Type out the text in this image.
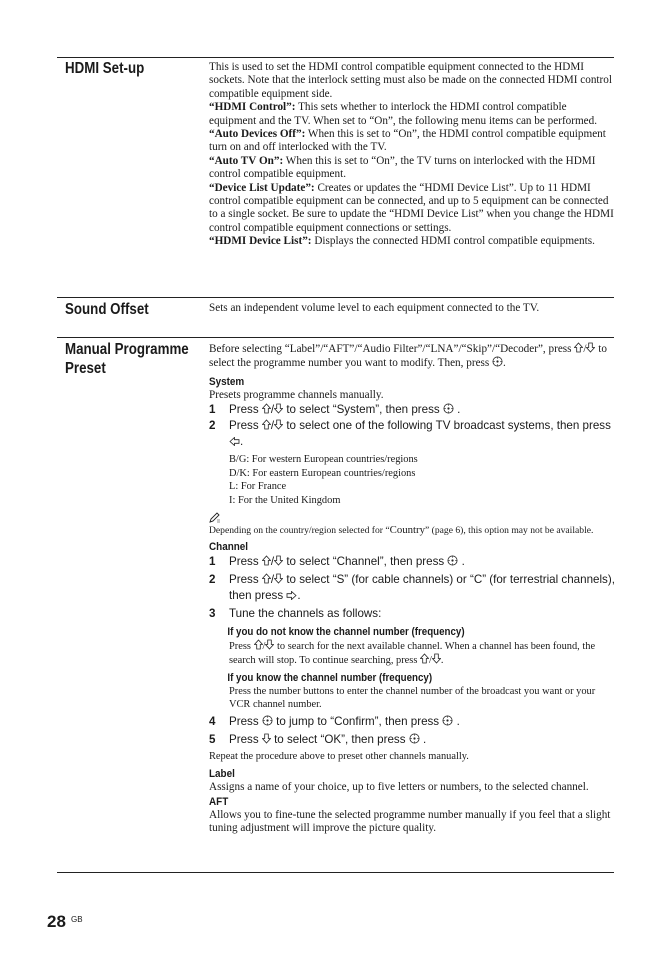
HDMI Set-up	This is used to set the HDMI control compatible equipment connected to the HDMI sockets. Note that the interlock setting must also be made on the connected HDMI control compatible equipment side.

“HDMI Control”: This sets whether to interlock the HDMI control compatible equipment and the TV. When set to “On”, the following menu items can be performed.

“Auto Devices Off”: When this is set to “On”, the HDMI control compatible equipment turn on and off interlocked with the TV.

“Auto TV On”: When this is set to “On”, the TV turns on interlocked with the HDMI control compatible equipment.

“Device List Update”: Creates or updates the “HDMI Device List”. Up to 11 HDMI control compatible equipment can be connected, and up to 5 equipment can be connected to a single socket. Be sure to update the “HDMI Device List” when you change the HDMI control compatible equipment connections or settings.

“HDMI Device List”: Displays the connected HDMI control compatible equipments.

Sound Offset	Sets an independent volume level to each equipment connected to the TV.

Manual Programme Preset

Before selecting “Label”/“AFT”/“Audio Filter”/“LNA”/“Skip”/“Decoder”, press / to select the programme number you want to modify. Then, press .

System

Presets programme channels manually.

1 Press / to select “System”, then press  .
2 Press / to select one of the following TV broadcast systems, then press .
B/G: For western European countries/regions
D/K: For eastern European countries/regions
L: For France
I: For the United Kingdom

Depending on the country/region selected for “Country” (page 6), this option may not be available.

Channel
1 Press / to select “Channel”, then press  .
2 Press / to select “S” (for cable channels) or “C” (for terrestrial channels), then press .
3 Tune the channels as follows:
If you do not know the channel number (frequency)

Press / to search for the next available channel. When a channel has been found, the search will stop. To continue searching, press / .

If you know the channel number (frequency)

Press the number buttons to enter the channel number of the broadcast you want or your VCR channel number.

4 Press  to jump to “Confirm”, then press  .
5 Press  to select “OK”, then press  .

Repeat the procedure above to preset other channels manually.

Label

Assigns a name of your choice, up to five letters or numbers, to the selected channel.

AFT

Allows you to fine-tune the selected programme number manually if you feel that a slight tuning adjustment will improve the picture quality.

28 GB
